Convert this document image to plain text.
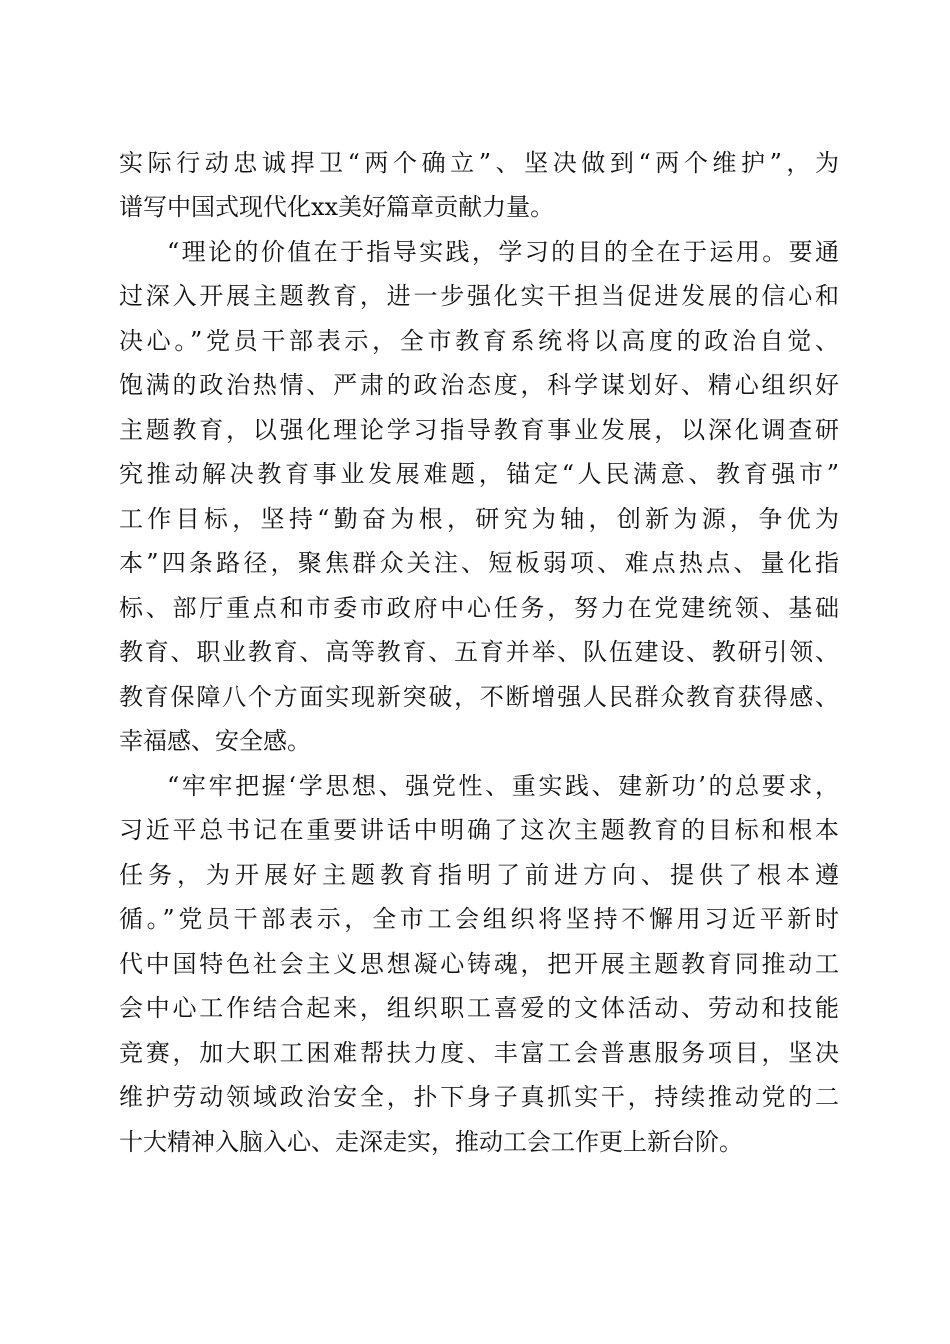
实际行动忠诚捍卫“两个确立”、坚决做到“两个维护”，为
谱写中国式现代化xx美好篇章贡献力量。
“理论的价值在于指导实践，学习的目的全在于运用。要通
过深入开展主题教育，进一步强化实干担当促进发展的信心和
决心。”党员干部表示，全市教育系统将以高度的政治自觉、
饱满的政治热情、严肃的政治态度，科学谋划好、精心组织好
主题教育，以强化理论学习指导教育事业发展，以深化调查研
究推动解决教育事业发展难题，锚定“人民满意、教育强市”
工作目标，坚持“勤奋为根，研究为轴，创新为源，争优为
本”四条路径，聚焦群众关注、短板弱项、难点热点、量化指
标、部厅重点和市委市政府中心任务，努力在党建统领、基础
教育、职业教育、高等教育、五育并举、队伍建设、教研引领、
教育保障八个方面实现新突破，不断增强人民群众教育获得感、
幸福感、安全感。
“牢牢把握‘学思想、强党性、重实践、建新功’的总要求，
习近平总书记在重要讲话中明确了这次主题教育的目标和根本
任务，为开展好主题教育指明了前进方向、提供了根本遵
循。”党员干部表示，全市工会组织将坚持不懈用习近平新时
代中国特色社会主义思想凝心铸魂，把开展主题教育同推动工
会中心工作结合起来，组织职工喜爱的文体活动、劳动和技能
竞赛，加大职工困难帮扶力度、丰富工会普惠服务项目，坚决
维护劳动领域政治安全，扑下身子真抓实干，持续推动党的二
十大精神入脑入心、走深走实，推动工会工作更上新台阶。
